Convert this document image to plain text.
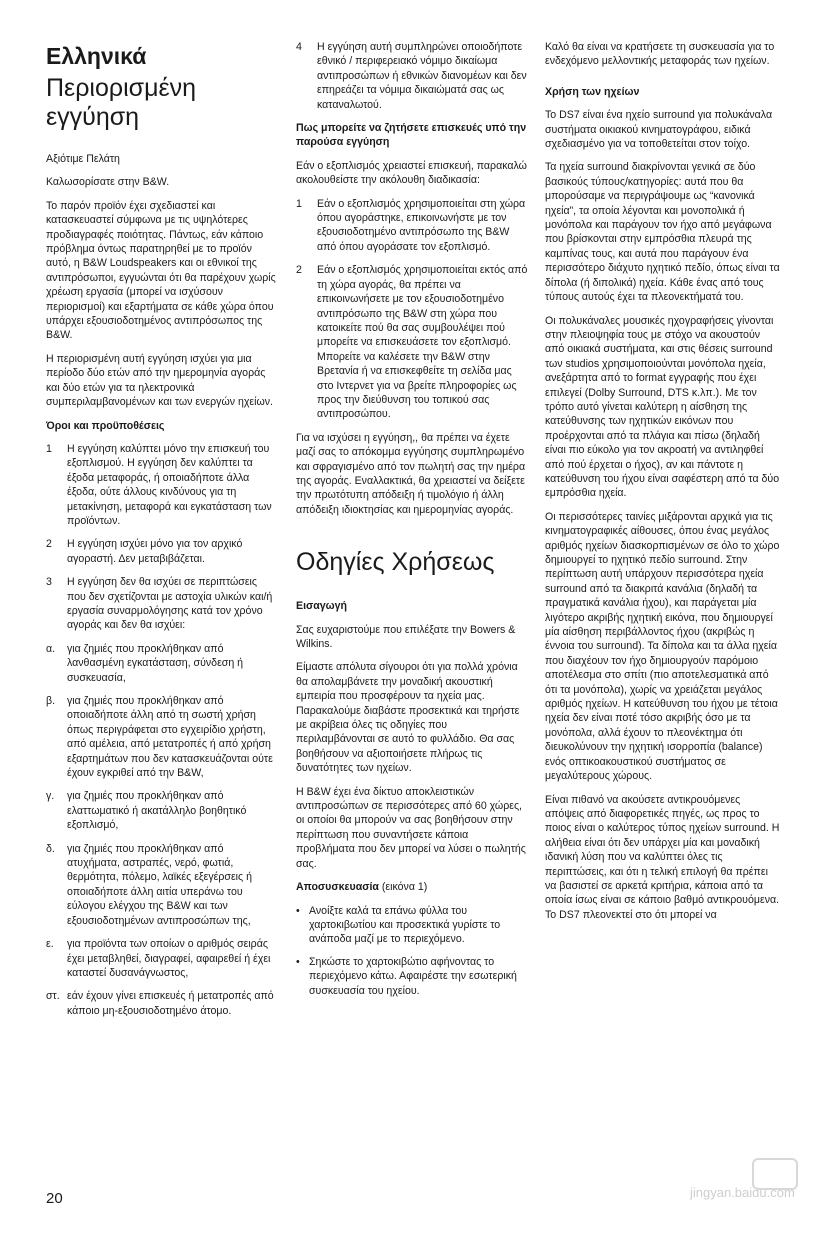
Ελληνικά
Περιορισμένη εγγύηση

Αξιότιμε Πελάτη

Καλωσορίσατε στην B&W.

Το παρόν προϊόν έχει σχεδιαστεί και κατασκευαστεί σύμφωνα με τις υψηλότερες προδιαγραφές ποιότητας. Πάντως, εάν κάποιο πρόβλημα όντως παρατηρηθεί με το προϊόν αυτό, η B&W Loudspeakers και οι εθνικοί της αντιπρόσωποι, εγγυώνται ότι θα παρέχουν χωρίς χρέωση εργασία (μπορεί να ισχύσουν περιορισμοί) και εξαρτήματα σε κάθε χώρα όπου υπάρχει εξουσιοδοτημένος αντιπρόσωπος της B&W.

Η περιορισμένη αυτή εγγύηση ισχύει για μια περίοδο δύο ετών από την ημερομηνία αγοράς και δύο ετών για τα ηλεκτρονικά συμπεριλαμβανομένων και των ενεργών ηχείων.

Όροι και προϋποθέσεις
1	Η εγγύηση καλύπτει μόνο την επισκευή του εξοπλισμού. Η εγγύηση δεν καλύπτει τα έξοδα μεταφοράς, ή οποιαδήποτε άλλα έξοδα, ούτε άλλους κινδύνους για τη μετακίνηση, μεταφορά και εγκατάσταση των προϊόντων.
2	Η εγγύηση ισχύει μόνο για τον αρχικό αγοραστή. Δεν μεταβιβάζεται.
3	Η εγγύηση δεν θα ισχύει σε περιπτώσεις που δεν σχετίζονται με αστοχία υλικών και/ή εργασία συναρμολόγησης κατά τον χρόνο αγοράς και δεν θα ισχύει:
α.	για ζημιές που προκλήθηκαν από λανθασμένη εγκατάσταση, σύνδεση ή συσκευασία,
β.	για ζημιές που προκλήθηκαν από οποιαδήποτε άλλη από τη σωστή χρήση όπως περιγράφεται στο εγχειρίδιο χρήστη, από αμέλεια, από μετατροπές ή από χρήση εξαρτημάτων που δεν κατασκευάζονται ούτε έχουν εγκριθεί από την B&W,
γ.	για ζημιές που προκλήθηκαν από ελαττωματικό ή ακατάλληλο βοηθητικό εξοπλισμό,
δ.	για ζημιές που προκλήθηκαν από ατυχήματα, αστραπές, νερό, φωτιά, θερμότητα, πόλεμο, λαϊκές εξεγέρσεις ή οποιαδήποτε άλλη αιτία υπεράνω του εύλογου ελέγχου της B&W και των εξουσιοδοτημένων αντιπροσώπων της,
ε.	για προϊόντα των οποίων ο αριθμός σειράς έχει μεταβληθεί, διαγραφεί, αφαιρεθεί ή έχει καταστεί δυσανάγνωστος,
στ. εάν έχουν γίνει επισκευές ή μετατροπές από κάποιο μη-εξουσιοδοτημένο άτομο.
4	Η εγγύηση αυτή συμπληρώνει οποιοδήποτε εθνικό / περιφερειακό νόμιμο δικαίωμα αντιπροσώπων ή εθνικών διανομέων και δεν επηρεάζει τα νόμιμα δικαιώματά σας ως καταναλωτού.
Πως μπορείτε να ζητήσετε επισκευές υπό την παρούσα εγγύηση

Εάν ο εξοπλισμός χρειαστεί επισκευή, παρακαλώ ακολουθείστε την ακόλουθη διαδικασία:

1	Εάν ο εξοπλισμός χρησιμοποιείται στη χώρα όπου αγοράστηκε, επικοινωνήστε με τον εξουσιοδοτημένο αντιπρόσωπο της B&W από όπου αγοράσατε τον εξοπλισμό.
2	Εάν ο εξοπλισμός χρησιμοποιείται εκτός από τη χώρα αγοράς, θα πρέπει να επικοινωνήσετε με τον εξουσιοδοτημένο αντιπρόσωπο της B&W στη χώρα που κατοικείτε πού θα σας συμβουλέψει πού μπορείτε να επισκευάσετε τον εξοπλισμό. Μπορείτε να καλέσετε την B&W στην Βρετανία ή να επισκεφθείτε τη σελίδα μας στο Ιντερνετ για να βρείτε πληροφορίες ως προς την διεύθυνση του τοπικού σας αντιπροσώπου.

Για να ισχύσει η εγγύηση,, θα πρέπει να έχετε μαζί σας το απόκομμα εγγύησης συμπληρωμένο και σφραγισμένο από τον πωλητή σας την ημέρα της αγοράς. Εναλλακτικά, θα χρειαστεί να δείξετε την πρωτότυπη απόδειξη ή τιμολόγιο ή άλλη απόδειξη ιδιοκτησίας και ημερομηνίας αγοράς.

Οδηγίες Χρήσεως
Εισαγωγή

Σας ευχαριστούμε που επιλέξατε την Bowers & Wilkins.

Είμαστε απόλυτα σίγουροι ότι για πολλά χρόνια θα απολαμβάνετε την μοναδική ακουστική εμπειρία που προσφέρουν τα ηχεία μας. Παρακαλούμε διαβάστε προσεκτικά και τηρήστε με ακρίβεια όλες τις οδηγίες που περιλαμβάνονται σε αυτό το φυλλάδιο. Θα σας βοηθήσουν να αξιοποιήσετε πλήρως τις δυνατότητες των ηχείων.

Η B&W έχει ένα δίκτυο αποκλειστικών αντιπροσώπων σε περισσότερες από 60 χώρες, οι οποίοι θα μπορούν να σας βοηθήσουν στην περίπτωση που συναντήσετε κάποια προβλήματα που δεν μπορεί να λύσει ο πωλητής σας.

Αποσυσκευασία (εικόνα 1)
• Ανοίξτε καλά τα επάνω φύλλα του χαρτοκιβωτίου και προσεκτικά γυρίστε το ανάποδα μαζί με το περιεχόμενο.
• Σηκώστε το χαρτοκιβώτιο αφήνοντας το περιεχόμενο κάτω. Αφαιρέστε την εσωτερική συσκευασία του ηχείου.

Καλό θα είναι να κρατήσετε τη συσκευασία για το ενδεχόμενο μελλοντικής μεταφοράς των ηχείων.

Χρήση των ηχείων

Το DS7 είναι ένα ηχείο surround για πολυκάναλα συστήματα οικιακού κινηματογράφου, ειδικά σχεδιασμένο για να τοποθετείται στον τοίχο.

Τα ηχεία surround διακρίνονται γενικά σε δύο βασικούς τύπους/κατηγορίες: αυτά που θα μπορούσαμε να περιγράψουμε ως “κανονικά ηχεία”, τα οποία λέγονται και μονοπολικά ή μονόπολα και παράγουν τον ήχο από μεγάφωνα που βρίσκονται στην εμπρόσθια πλευρά της καμπίνας τους, και αυτά που παράγουν ένα περισσότερο διάχυτο ηχητικό πεδίο, όπως είναι τα δίπολα (ή διπολικά) ηχεία. Κάθε ένας από τους τύπους αυτούς έχει τα πλεονεκτήματά του.

Οι πολυκάναλες μουσικές ηχογραφήσεις γίνονται στην πλειοψηφία τους με στόχο να ακουστούν από οικιακά συστήματα, και στις θέσεις surround των studios χρησιμοποιούνται μονόπολα ηχεία, ανεξάρτητα από το format εγγραφής που έχει επιλεγεί (Dolby Surround, DTS κ.λπ.). Με τον τρόπο αυτό γίνεται καλύτερη η αίσθηση της κατεύθυνσης των ηχητικών εικόνων που προέρχονται από τα πλάγια και πίσω (δηλαδή είναι πιο εύκολο για τον ακροατή να αντιληφθεί από πού έρχεται ο ήχος), αν και πάντοτε η κατεύθυνση του ήχου είναι σαφέστερη από τα δύο εμπρόσθια ηχεία.

Οι περισσότερες ταινίες μιξάρονται αρχικά για τις κινηματογραφικές αίθουσες, όπου ένας μεγάλος αριθμός ηχείων διασκορπισμένων σε όλο το χώρο δημιουργεί το ηχητικό πεδίο surround. Στην περίπτωση αυτή υπάρχουν περισσότερα ηχεία surround από τα διακριτά κανάλια (δηλαδή τα πραγματικά κανάλια ήχου), και παράγεται μία λιγότερο ακριβής ηχητική εικόνα, που δημιουργεί μία αίσθηση περιβάλλοντος ήχου (ακριβώς η έννοια του surround). Τα δίπολα και τα άλλα ηχεία που διαχέουν τον ήχο δημιουργούν παρόμοιο αποτέλεσμα στο σπίτι (πιο αποτελεσματικά από ότι τα μονόπολα), χωρίς να χρειάζεται μεγάλος αριθμός ηχείων. Η κατεύθυνση του ήχου με τέτοια ηχεία δεν είναι ποτέ τόσο ακριβής όσο με τα μονόπολα, αλλά έχουν το πλεονέκτημα ότι διευκολύνουν την ηχητική ισορροπία (balance) ενός οπτικοακουστικού συστήματος σε μεγαλύτερους χώρους.

Είναι πιθανό να ακούσετε αντικρουόμενες απόψεις από διαφορετικές πηγές, ως προς το ποιος είναι ο καλύτερος τύπος ηχείων surround. Η αλήθεια είναι ότι δεν υπάρχει μία και μοναδική ιδανική λύση που να καλύπτει όλες τις περιπτώσεις, και ότι η τελική επιλογή θα πρέπει να βασιστεί σε αρκετά κριτήρια, κάποια από τα οποία ίσως είναι σε κάποιο βαθμό αντικρουόμενα. Το DS7 πλεονεκτεί στο ότι μπορεί να

20	jingyan.baidu.com
